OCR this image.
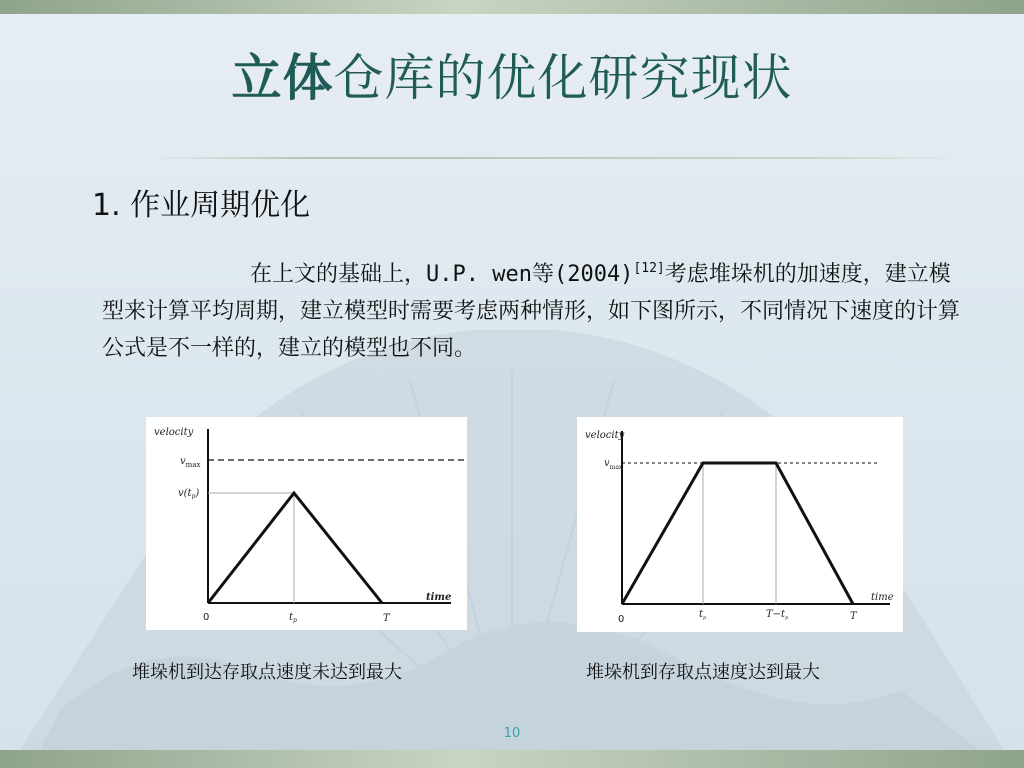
立体仓库的优化研究现状
1. 作业周期优化
在上文的基础上，U.P. wen等(2004)[12]考虑堆垛机的加速度，建立模型来计算平均周期，建立模型时需要考虑两种情形，如下图所示，不同情况下速度的计算公式是不一样的，建立的模型也不同。
velocity
$v_{max}$
$v(t_p)$
time
0	$t_p$	T
velocity
$v_{max}$
time
0	$t_p$	$T-t_p$	T
堆垛机到达存取点速度未达到最大	堆垛机到存取点速度达到最大
10
